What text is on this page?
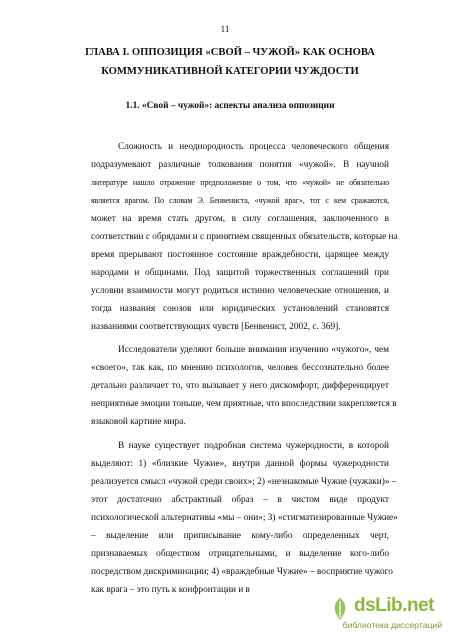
11
ГЛАВА I. ОППОЗИЦИЯ «СВОЙ – ЧУЖОЙ» КАК ОСНОВА
КОММУНИКАТИВНОЙ КАТЕГОРИИ ЧУЖДОСТИ
1.1. «Свой – чужой»: аспекты анализа оппозиции
Сложность и неоднородность процесса человеческого общения
подразумевают различные толкования понятия «чужой». В научной
литературе нашло отражение предположение о том, что «чужой» не обязательно
является врагом. По словам Э. Бенвениста, «чужой враг», тот с кем сражаются,
может на время стать другом, в силу соглашения, заключенного в
соответствии с обрядами и с принятием священных обязательств, которые на
время прерывают постоянное состояние враждебности, царящее между
народами и общинами. Под защитой торжественных соглашений при
условии взаимности могут родиться истинно человеческие отношения, и
тогда названия союзов или юридических установлений становятся
названиями соответствующих чувств [Бенвенист, 2002, с. 369].
Исследователи уделяют больше внимания изучению «чужого», чем
«своего», так как, по мнению психологов, человек бессознательно более
детально различает то, что вызывает у него дискомфорт, дифференцирует
неприятные эмоции тоньше, чем приятные, что впоследствии закрепляется в
языковой картине мира.
В науке существует подробная система чужеродности, в которой
выделяют: 1) «близкие Чужие», внутри данной формы чужеродности
реализуется смысл «чужой среди своих»; 2) «незнакомые Чужие (чужаки)» –
этот достаточно абстрактный образ – в чистом виде продукт
психологической альтернативы «мы – они»; 3) «стигматизированные Чужие»
– выделение или приписывание кому-либо определенных черт,
признаваемых обществом отрицательными, и выделение кого-либо
посредством дискриминации; 4) «враждебные Чужие» – восприятие чужого
как врага – это путь к конфронтации и в
dsLib.net
библиотека диссертаций
